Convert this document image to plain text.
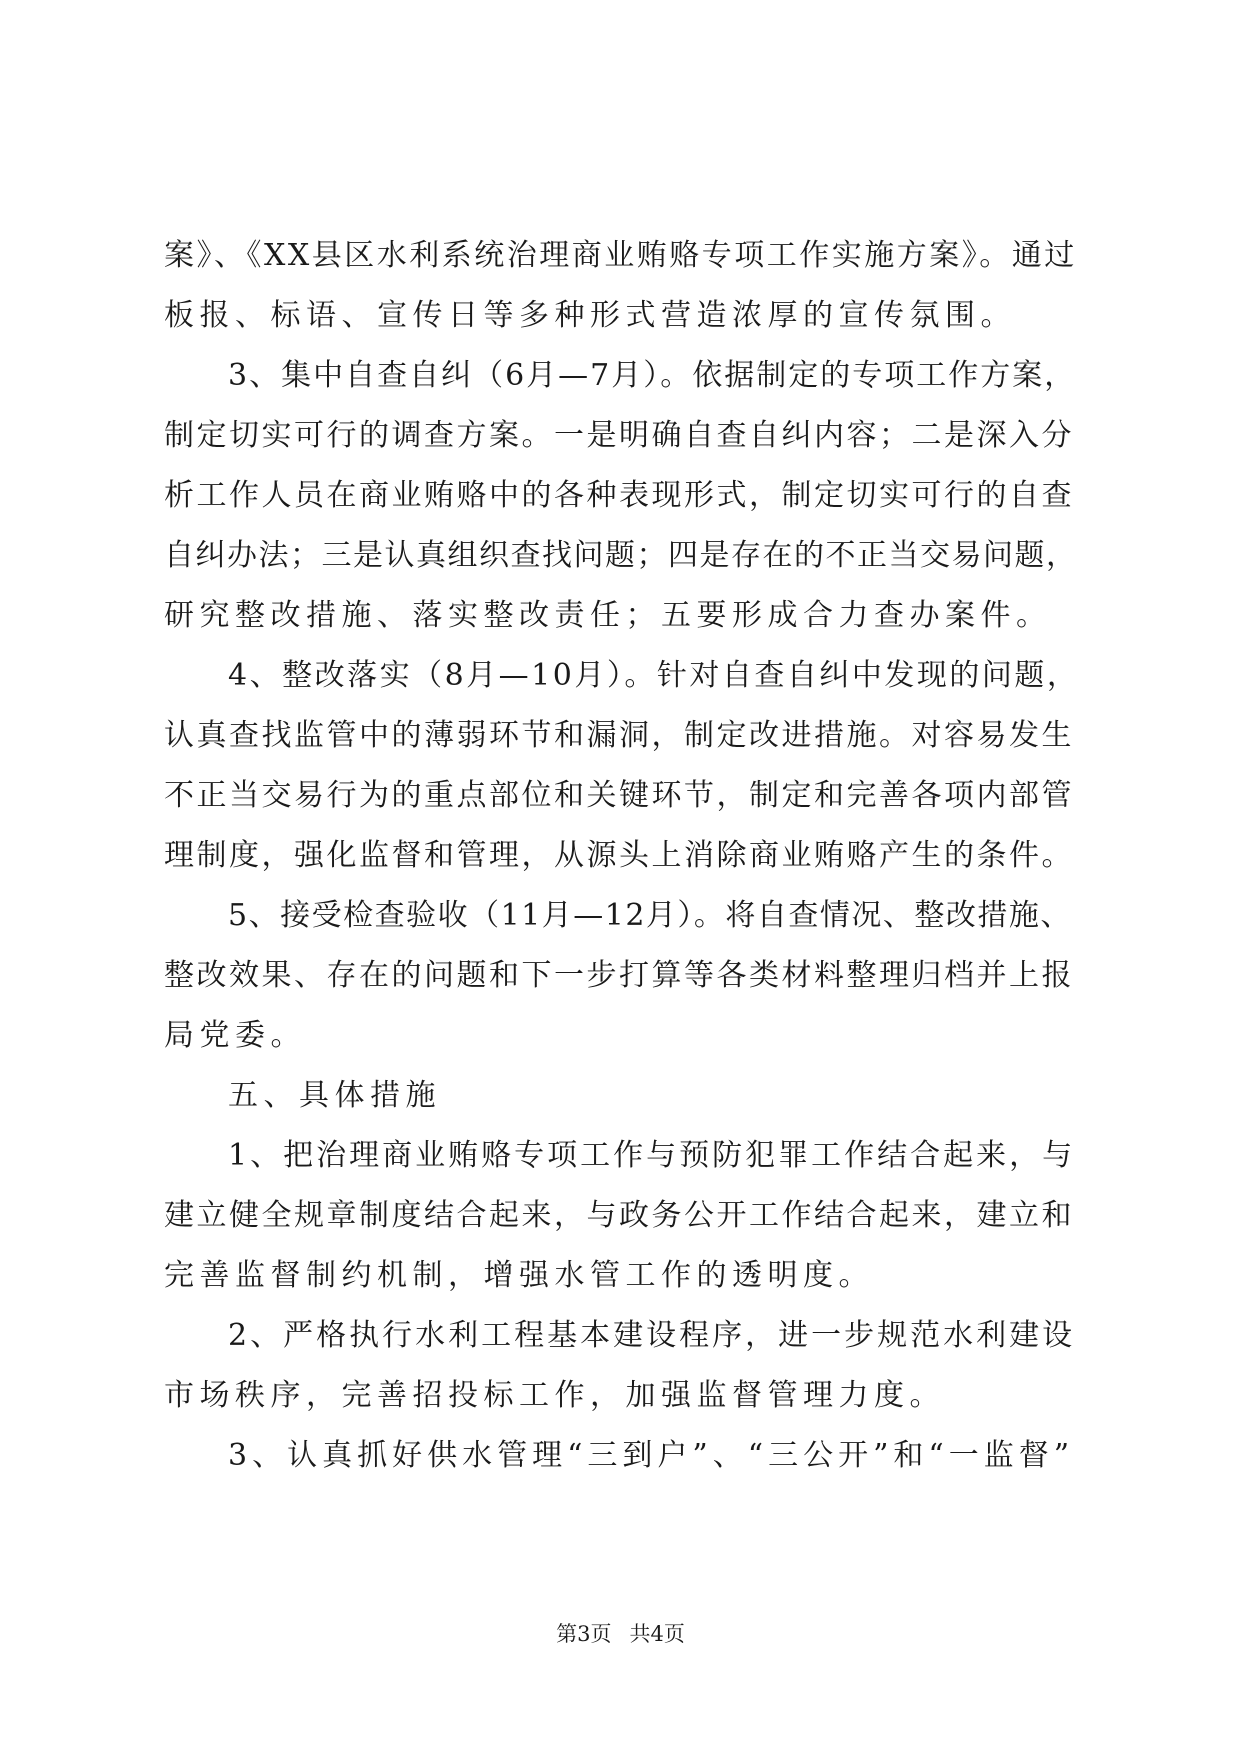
案》、《XX县区水利系统治理商业贿赂专项工作实施方案》。通过
板报、标语、宣传日等多种形式营造浓厚的宣传氛围。
3、集中自查自纠（6月—7月）。依据制定的专项工作方案，
制定切实可行的调查方案。一是明确自查自纠内容；二是深入分
析工作人员在商业贿赂中的各种表现形式，制定切实可行的自查
自纠办法；三是认真组织查找问题；四是存在的不正当交易问题，
研究整改措施、落实整改责任；五要形成合力查办案件。
4、整改落实（8月—10月）。针对自查自纠中发现的问题，
认真查找监管中的薄弱环节和漏洞，制定改进措施。对容易发生
不正当交易行为的重点部位和关键环节，制定和完善各项内部管
理制度，强化监督和管理，从源头上消除商业贿赂产生的条件。
5、接受检查验收（11月—12月）。将自查情况、整改措施、
整改效果、存在的问题和下一步打算等各类材料整理归档并上报
局党委。
五、具体措施
1、把治理商业贿赂专项工作与预防犯罪工作结合起来，与
建立健全规章制度结合起来，与政务公开工作结合起来，建立和
完善监督制约机制，增强水管工作的透明度。
2、严格执行水利工程基本建设程序，进一步规范水利建设
市场秩序，完善招投标工作，加强监督管理力度。
3、认真抓好供水管理“三到户”、“三公开”和“一监督”
第3页 共4页
